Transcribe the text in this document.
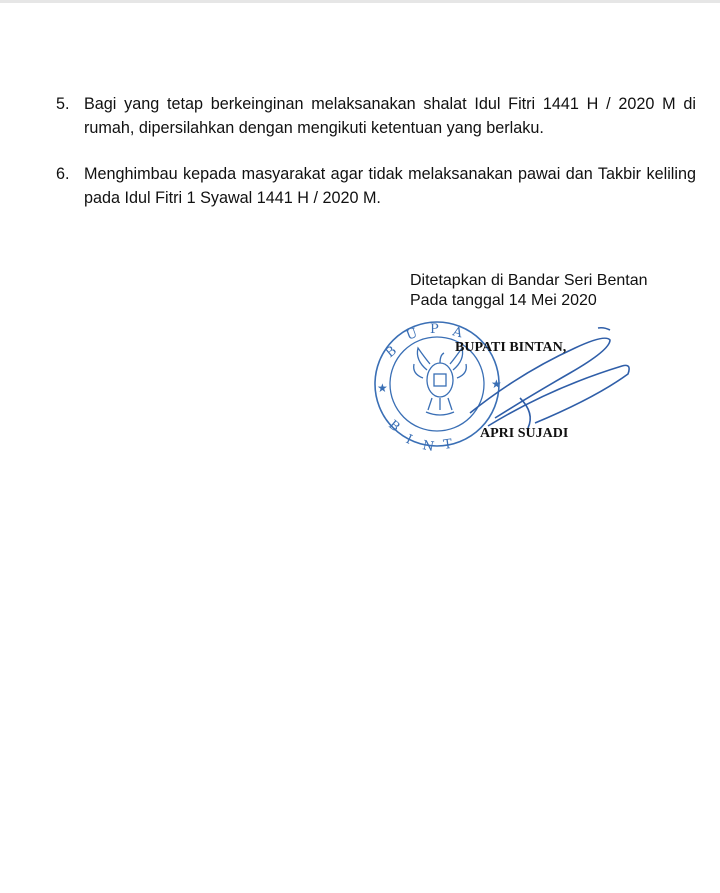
5. Bagi yang tetap berkeinginan melaksanakan shalat Idul Fitri 1441 H / 2020 M di rumah, dipersilahkan dengan mengikuti ketentuan yang berlaku.
6. Menghimbau kepada masyarakat agar tidak melaksanakan pawai dan Takbir keliling pada Idul Fitri 1 Syawal 1441 H / 2020 M.
Ditetapkan di Bandar Seri Bentan
Pada tanggal 14 Mei 2020
B
U P A
B
I N T
★	★
BUPATI BINTAN,
APRI SUJADI
